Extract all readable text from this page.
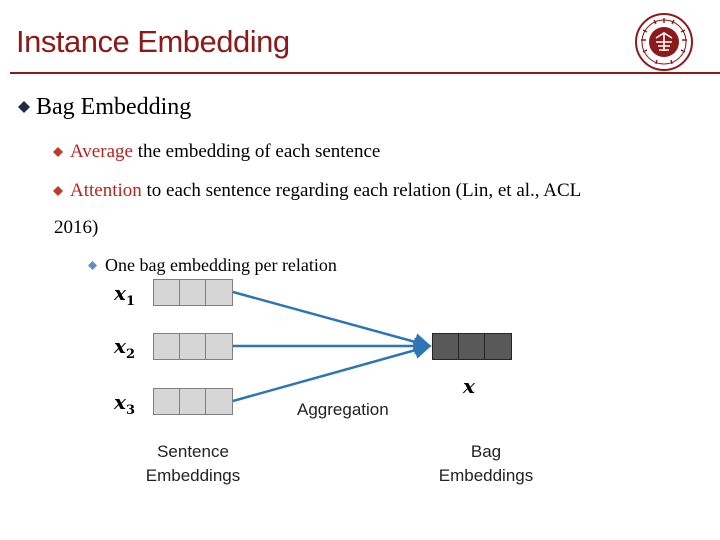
Instance Embedding
Bag Embedding
Average the embedding of each sentence
Attention to each sentence regarding each relation (Lin, et al., ACL
2016)
One bag embedding per relation
$x_1$
$x_2$
$x_3$
x
Aggregation
Sentence
Embeddings
Bag
Embeddings
